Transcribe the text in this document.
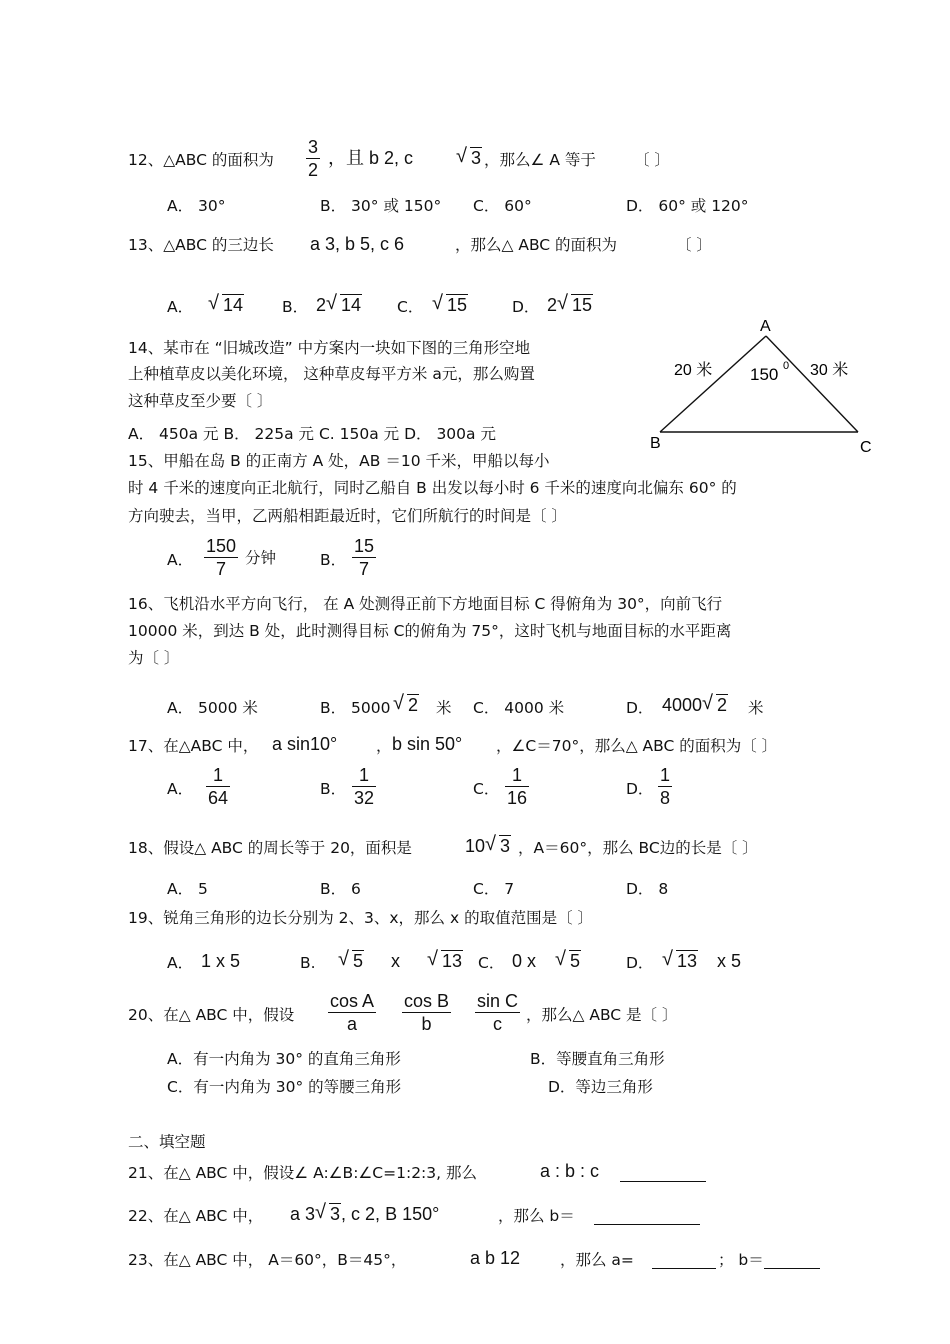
12、△ABC 的面积为 $\frac{3}{2}$ ，且 b 2, c √ 3 ，那么∠ A 等于 〔 〕
A． 30°	B． 30° 或 150° C． 60°	D． 60° 或 120°
13、△ABC 的三边长 a 3, b 5, c 6	，那么△ ABC 的面积为	〔 〕
A． √ 14	B． 2 √ 14 C． √ 15	D． 2 √ 15
14、某市在 “旧城改造” 中方案内一块如下图的三角形空地
上种植草皮以美化环境， 这种草皮每平方米 a元，那么购置
这种草皮至少要〔 〕
A． 450a 元 B． 225a 元 C. 150a 元 D． 300a 元
A
B	C
20 米	30 米
150 0
15、甲船在岛 B 的正南方 A 处，AB ＝10 千米，甲船以每小
时 4 千米的速度向正北航行，同时乙船自 B 出发以每小时 6 千米的速度向北偏东 60° 的
方向驶去，当甲，乙两船相距最近时，它们所航行的时间是〔 〕
A． $\frac{150}{7}$ 分钟	B． $\frac{15}{7}$
16、飞机沿水平方向飞行， 在 A 处测得正前下方地面目标 C 得俯角为 30°，向前飞行
10000 米，到达 B 处，此时测得目标 C的俯角为 75°，这时飞机与地面目标的水平距离
为〔 〕
A． 5000 米	B． 5000 √ 2 米 C． 4000 米	D． 4000 √ 2 米
17、在△ABC 中， a sin10°	， b sin 50° ，∠C＝70°，那么△ ABC 的面积为〔 〕
A． $\frac{1}{64}$	B． $\frac{1}{32}$	C． $\frac{1}{16}$	D． $\frac{1}{8}$
18、假设△ ABC 的周长等于 20，面积是	10 √ 3 ，A＝60°，那么 BC边的长是〔 〕
A． 5	B． 6	C． 7	D． 8
19、锐角三角形的边长分别为 2、3、x，那么 x 的取值范围是〔 〕
A． 1 x 5	B. √ 5 x √ 13 C． 0 x √ 5	D． √ 13 x 5
20、在△ ABC 中，假设 $\frac{\text{cos A}}{a} \frac{\text{cos B}}{b} \frac{\text{sin C}}{c}$ ，那么△ ABC 是〔 〕
A．有一内角为 30° 的直角三角形	B．等腰直角三角形
C．有一内角为 30° 的等腰三角形	D．等边三角形
二、填空题
21、在△ ABC 中，假设∠ A:∠B:∠C=1:2:3, 那么	a : b : c
22、在△ ABC 中， a 3 √ 3, c 2, B 150°	，那么 b＝
23、在△ ABC 中， A＝60°，B＝45°，	a b 12	，那么 a=	； b＝
